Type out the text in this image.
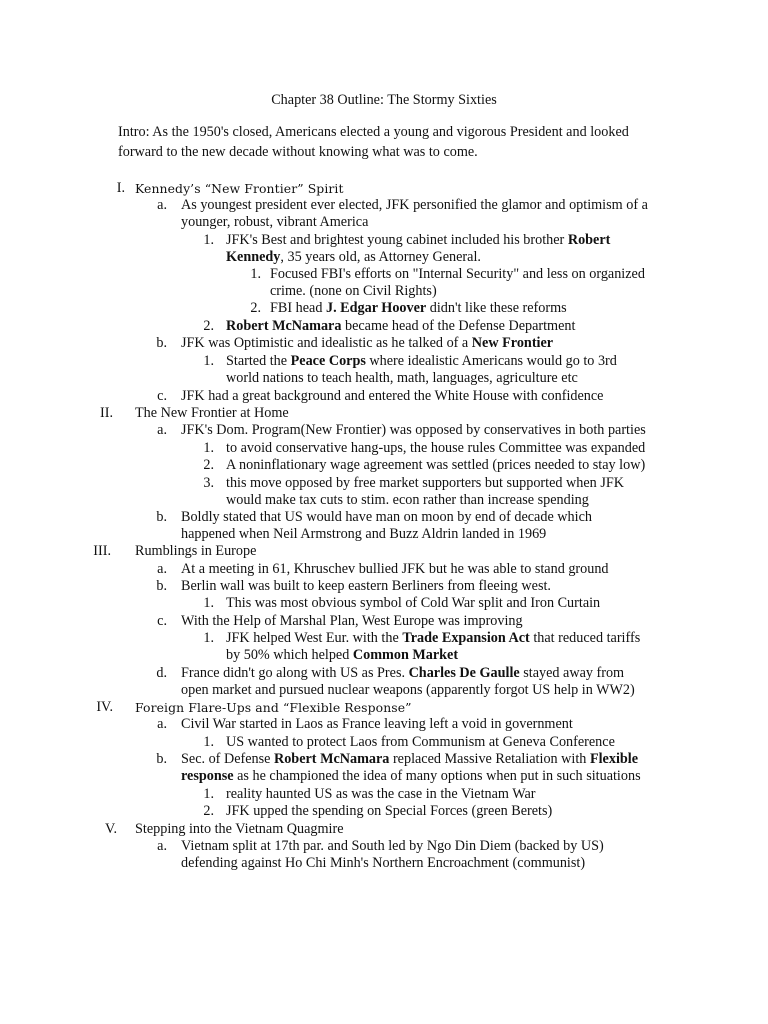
Chapter 38 Outline: The Stormy Sixties
Intro: As the 1950's closed, Americans elected a young and vigorous President and looked forward to the new decade without knowing what was to come.
I. Kennedy’s “New Frontier” Spirit
a. As youngest president ever elected, JFK personified the glamor and optimism of a
younger, robust, vibrant America
1. JFK's Best and brightest young cabinet included his brother Robert
Kennedy, 35 years old, as Attorney General.
1. Focused FBI's efforts on "Internal Security" and less on organized
crime. (none on Civil Rights)
2. FBI head J. Edgar Hoover didn't like these reforms
2. Robert McNamara became head of the Defense Department
b. JFK was Optimistic and idealistic as he talked of a New Frontier
1. Started the Peace Corps where idealistic Americans would go to 3rd
world nations to teach health, math, languages, agriculture etc
c. JFK had a great background and entered the White House with confidence
II. The New Frontier at Home
a. JFK's Dom. Program(New Frontier) was opposed by conservatives in both parties
1. to avoid conservative hang-ups, the house rules Committee was expanded
2. A noninflationary wage agreement was settled (prices needed to stay low)
3. this move opposed by free market supporters but supported when JFK
would make tax cuts to stim. econ rather than increase spending
b. Boldly stated that US would have man on moon by end of decade which
happened when Neil Armstrong and Buzz Aldrin landed in 1969
III. Rumblings in Europe
a. At a meeting in 61, Khruschev bullied JFK but he was able to stand ground
b. Berlin wall was built to keep eastern Berliners from fleeing west.
1. This was most obvious symbol of Cold War split and Iron Curtain
c. With the Help of Marshal Plan, West Europe was improving
1. JFK helped West Eur. with the Trade Expansion Act that reduced tariffs
by 50% which helped Common Market
d. France didn't go along with US as Pres. Charles De Gaulle stayed away from
open market and pursued nuclear weapons (apparently forgot US help in WW2)
IV. Foreign Flare-Ups and “Flexible Response”
a. Civil War started in Laos as France leaving left a void in government
1. US wanted to protect Laos from Communism at Geneva Conference
b. Sec. of Defense Robert McNamara replaced Massive Retaliation with Flexible
response as he championed the idea of many options when put in such situations
1. reality haunted US as was the case in the Vietnam War
2. JFK upped the spending on Special Forces (green Berets)
V. Stepping into the Vietnam Quagmire
a. Vietnam split at 17th par. and South led by Ngo Din Diem (backed by US)
defending against Ho Chi Minh's Northern Encroachment (communist)
